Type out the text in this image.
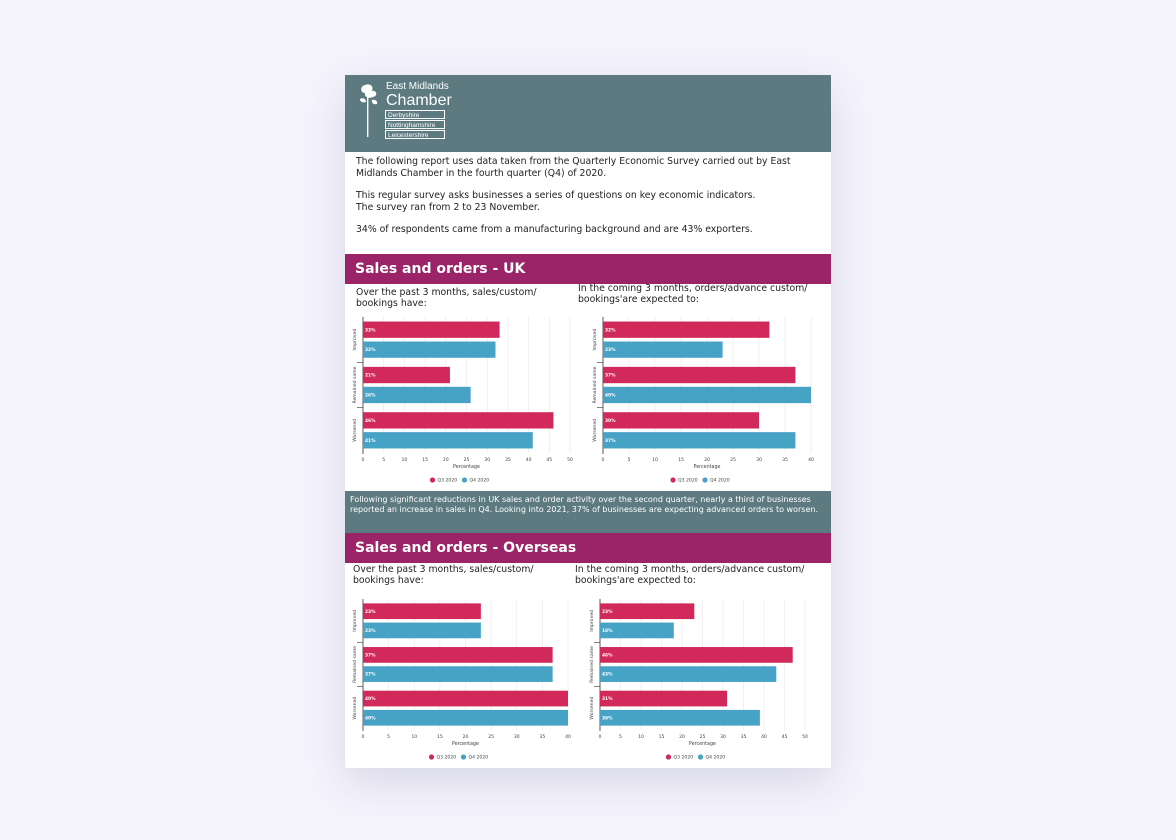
East Midlands
Chamber
Derbyshire
Nottinghamshire
Leicestershire

The following report uses data taken from the Quarterly Economic Survey carried out by East Midlands Chamber in the fourth quarter (Q4) of 2020.

This regular survey asks businesses a series of questions on key economic indicators.

The survey ran from 2 to 23 November.

34% of respondents came from a manufacturing background and are 43% exporters.

Sales and orders - UK
Over the past 3 months, sales/custom/ bookings have:
In the coming 3 months, orders/advance custom/ bookings'are expected to:
0	5	10	15	20	25	30	35	40	45	50
Improved 33%
32%
Remained same 21%
26%
Worsened 46%
41%
Percentage
Q3 2020	Q4 2020
0	5	10	15	20	25	30	35	40
Improved 32%
23%
Remained same 37%
40%
Worsened 30%
37%
Percentage
Q3 2020	Q4 2020
Following significant reductions in UK sales and order activity over the second quarter, nearly a third of businesses reported an increase in sales in Q4. Looking into 2021, 37% of businesses are expecting advanced orders to worsen.
Sales and orders - Overseas
Over the past 3 months, sales/custom/ bookings have:
In the coming 3 months, orders/advance custom/ bookings'are expected to:
0	5	10	15	20	25	30	35	40
Improved 23%
23%
Remained same 37%
37%
Worsened 40%
40%
Percentage
Q3 2020	Q4 2020
0	5	10	15	20	25	30	35	40	45	50
Improved 23%
18%
Remained same 46%
43%
Worsened 31%
39%
Percentage
Q3 2020	Q4 2020
